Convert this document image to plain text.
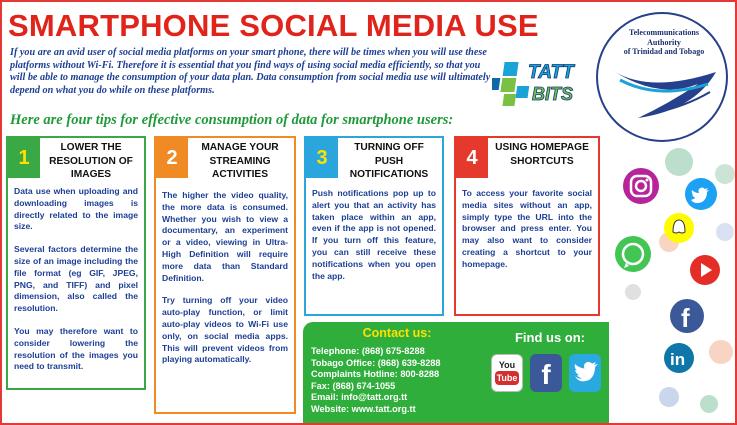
SMARTPHONE SOCIAL MEDIA USE
If you are an avid user of social media platforms on your smart phone, there will be times when you will use these platforms without Wi-Fi. Therefore it is essential that you find ways of using social media efficiently, so that you will be able to manage the consumption of your data plan. Data consumption from social media use will ultimately depend on what you do while on these platforms.
Here are four tips for effective consumption of data for smartphone users:
TATT
BITS
Telecommunications
Authority
of Trinidad and Tobago
1	LOWER THE RESOLUTION OF IMAGES

Data use when uploading and downloading images is directly related to the image size.

Several factors determine the size of an image including the file format (eg GIF, JPEG, PNG, and TIFF) and pixel dimension, also called the resolution.

You may therefore want to consider lowering the resolution of the images you need to transmit.

2	MANAGE YOUR STREAMING ACTIVITIES

The higher the video quality, the more data is consumed. Whether you wish to view a documentary, an experiment or a video, viewing in Ultra-High Definition will require more data than Standard Definition.

Try turning off your video auto-play function, or limit auto-play videos to Wi-Fi use only, on social media apps. This will prevent videos from playing automatically.

3	TURNING OFF PUSH NOTIFICATIONS

Push notifications pop up to alert you that an activity has taken place within an app, even if the app is not opened. If you turn off this feature, you can still receive these notifications when you open the app.

4	USING HOMEPAGE SHORTCUTS

To access your favorite social media sites without an app, simply type the URL into the browser and press enter. You may also want to consider creating a shortcut to your homepage.

Contact us:
Telephone: (868) 675-8288
Tobago Office: (868) 639-8288
Complaints Hotline: 800-8288
Fax: (868) 674-1055
Email: info@tatt.org.tt
Website: www.tatt.org.tt
Find us on:
You
Tube f
f
in
